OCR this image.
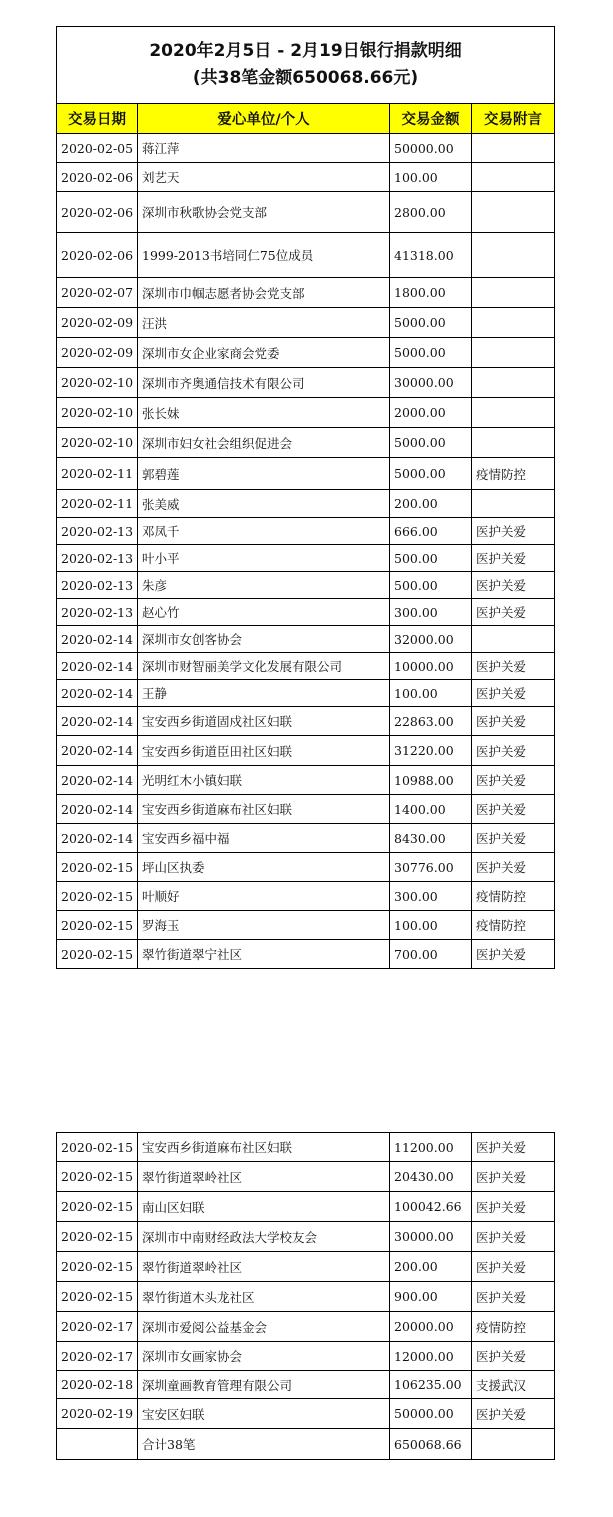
2020年2月5日 - 2月19日银行捐款明细
(共38笔金额650068.66元)			

交易日期	爱心单位/个人	交易金额	交易附言
2020-02-05	蒋江萍	50000.00	
2020-02-06	刘艺天	100.00	
2020-02-06	深圳市秋歌协会党支部	2800.00	
2020-02-06	1999-2013书培同仁75位成员	41318.00	
2020-02-07	深圳市巾帼志愿者协会党支部	1800.00	
2020-02-09	汪洪	5000.00	
2020-02-09	深圳市女企业家商会党委	5000.00	
2020-02-10	深圳市齐奥通信技术有限公司	30000.00	
2020-02-10	张长妹	2000.00	
2020-02-10	深圳市妇女社会组织促进会	5000.00	
2020-02-11	郭碧莲	5000.00	疫情防控
2020-02-11	张美威	200.00	
2020-02-13	邓凤千	666.00	医护关爱
2020-02-13	叶小平	500.00	医护关爱
2020-02-13	朱彦	500.00	医护关爱
2020-02-13	赵心竹	300.00	医护关爱
2020-02-14	深圳市女创客协会	32000.00	
2020-02-14	深圳市财智丽美学文化发展有限公司	10000.00	医护关爱
2020-02-14	王静	100.00	医护关爱
2020-02-14	宝安西乡街道固戍社区妇联	22863.00	医护关爱
2020-02-14	宝安西乡街道臣田社区妇联	31220.00	医护关爱
2020-02-14	光明红木小镇妇联	10988.00	医护关爱
2020-02-14	宝安西乡街道麻布社区妇联	1400.00	医护关爱
2020-02-14	宝安西乡福中福	8430.00	医护关爱
2020-02-15	坪山区执委	30776.00	医护关爱
2020-02-15	叶顺好	300.00	疫情防控
2020-02-15	罗海玉	100.00	疫情防控
2020-02-15	翠竹街道翠宁社区	700.00	医护关爱
2020-02-15	宝安西乡街道麻布社区妇联	11200.00	医护关爱
2020-02-15	翠竹街道翠岭社区	20430.00	医护关爱
2020-02-15	南山区妇联	100042.66	医护关爱
2020-02-15	深圳市中南财经政法大学校友会	30000.00	医护关爱
2020-02-15	翠竹街道翠岭社区	200.00	医护关爱
2020-02-15	翠竹街道木头龙社区	900.00	医护关爱
2020-02-17	深圳市爱阅公益基金会	20000.00	疫情防控
2020-02-17	深圳市女画家协会	12000.00	医护关爱
2020-02-18	深圳童画教育管理有限公司	106235.00	支援武汉
2020-02-19	宝安区妇联	50000.00	医护关爱
	合计38笔	650068.66	
